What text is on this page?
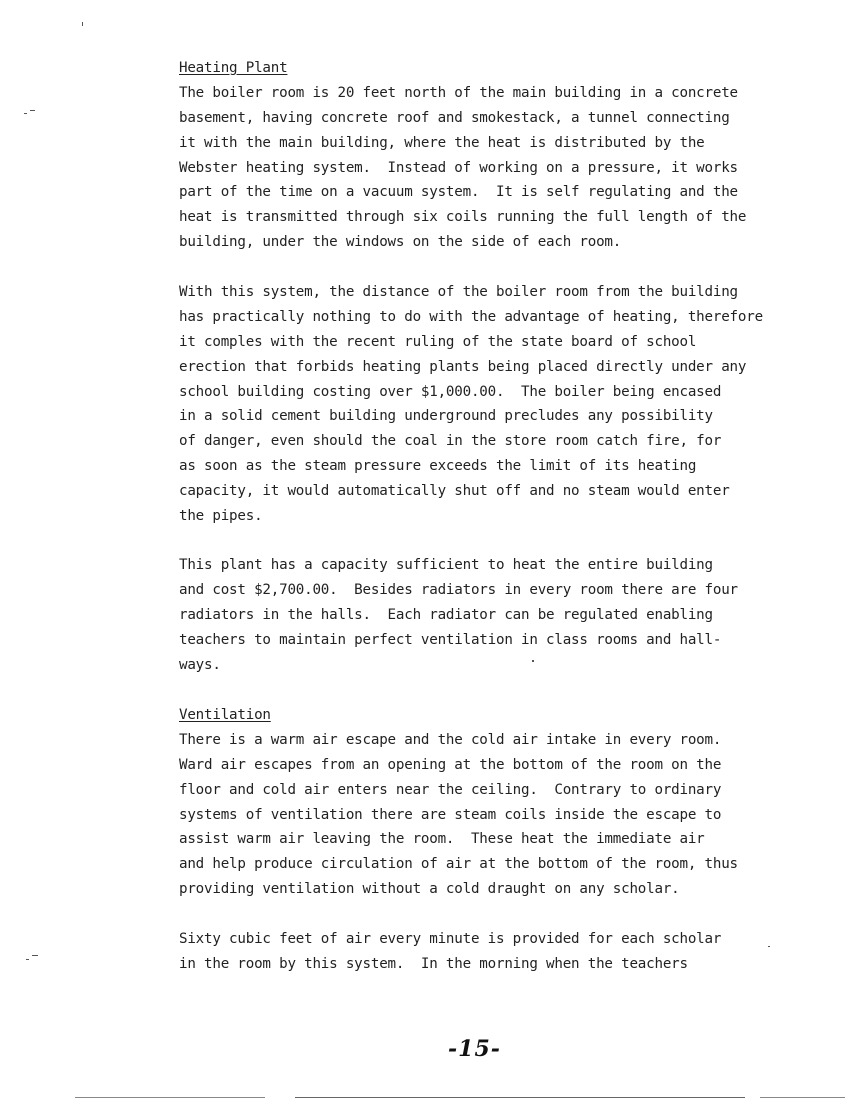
Heating Plant
The boiler room is 20 feet north of the main building in a concrete
basement, having concrete roof and smokestack, a tunnel connecting
it with the main building, where the heat is distributed by the
Webster heating system.  Instead of working on a pressure, it works
part of the time on a vacuum system.  It is self regulating and the
heat is transmitted through six coils running the full length of the
building, under the windows on the side of each room.
With this system, the distance of the boiler room from the building
has practically nothing to do with the advantage of heating, therefore
it comples with the recent ruling of the state board of school
erection that forbids heating plants being placed directly under any
school building costing over $1,000.00.  The boiler being encased
in a solid cement building underground precludes any possibility
of danger, even should the coal in the store room catch fire, for
as soon as the steam pressure exceeds the limit of its heating
capacity, it would automatically shut off and no steam would enter
the pipes.
This plant has a capacity sufficient to heat the entire building
and cost $2,700.00.  Besides radiators in every room there are four
radiators in the halls.  Each radiator can be regulated enabling
teachers to maintain perfect ventilation in class rooms and hall-
ways.
Ventilation
There is a warm air escape and the cold air intake in every room.
Ward air escapes from an opening at the bottom of the room on the
floor and cold air enters near the ceiling.  Contrary to ordinary
systems of ventilation there are steam coils inside the escape to
assist warm air leaving the room.  These heat the immediate air
and help produce circulation of air at the bottom of the room, thus
providing ventilation without a cold draught on any scholar.
Sixty cubic feet of air every minute is provided for each scholar
in the room by this system.  In the morning when the teachers
-15-
